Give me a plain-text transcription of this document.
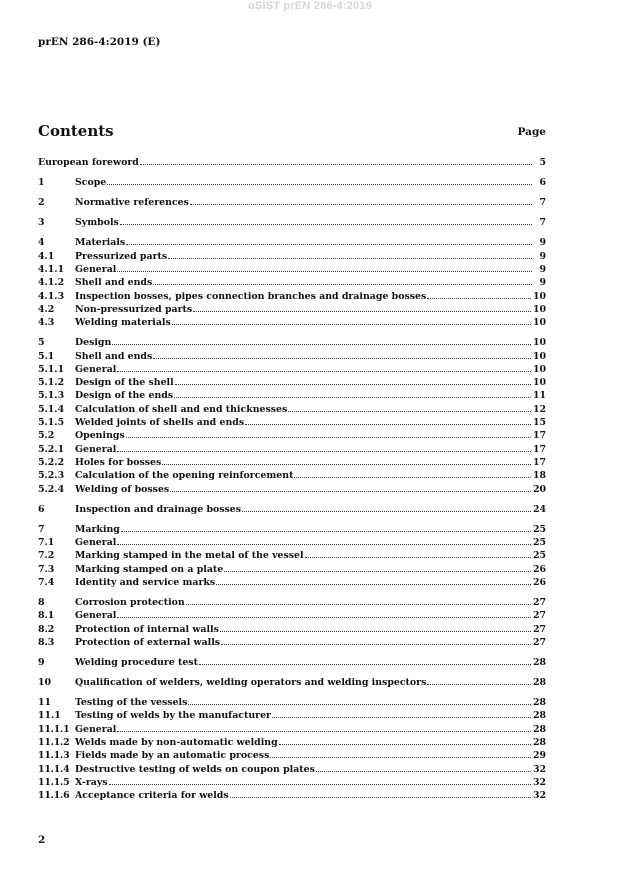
oSIST prEN 286-4:2019
prEN 286-4:2019 (E)
Contents	Page
European foreword	5
1	Scope	6
2	Normative references	7
3	Symbols	7
4	Materials	9
4.1	Pressurized parts	9
4.1.1	General	9
4.1.2	Shell and ends	9
4.1.3	Inspection bosses, pipes connection branches and drainage bosses	10
4.2	Non-pressurized parts	10
4.3	Welding materials	10
5	Design	10
5.1	Shell and ends	10
5.1.1	General	10
5.1.2	Design of the shell	10
5.1.3	Design of the ends	11
5.1.4	Calculation of shell and end thicknesses	12
5.1.5	Welded joints of shells and ends	15
5.2	Openings	17
5.2.1	General	17
5.2.2	Holes for bosses	17
5.2.3	Calculation of the opening reinforcement	18
5.2.4	Welding of bosses	20
6	Inspection and drainage bosses	24
7	Marking	25
7.1	General	25
7.2	Marking stamped in the metal of the vessel	25
7.3	Marking stamped on a plate	26
7.4	Identity and service marks	26
8	Corrosion protection	27
8.1	General	27
8.2	Protection of internal walls	27
8.3	Protection of external walls	27
9	Welding procedure test	28
10	Qualification of welders, welding operators and welding inspectors	28
11	Testing of the vessels	28
11.1	Testing of welds by the manufacturer	28
11.1.1 General	28
11.1.2 Welds made by non-automatic welding	28
11.1.3 Fields made by an automatic process	29
11.1.4 Destructive testing of welds on coupon plates	32
11.1.5 X-rays	32
11.1.6 Acceptance criteria for welds	32
2
